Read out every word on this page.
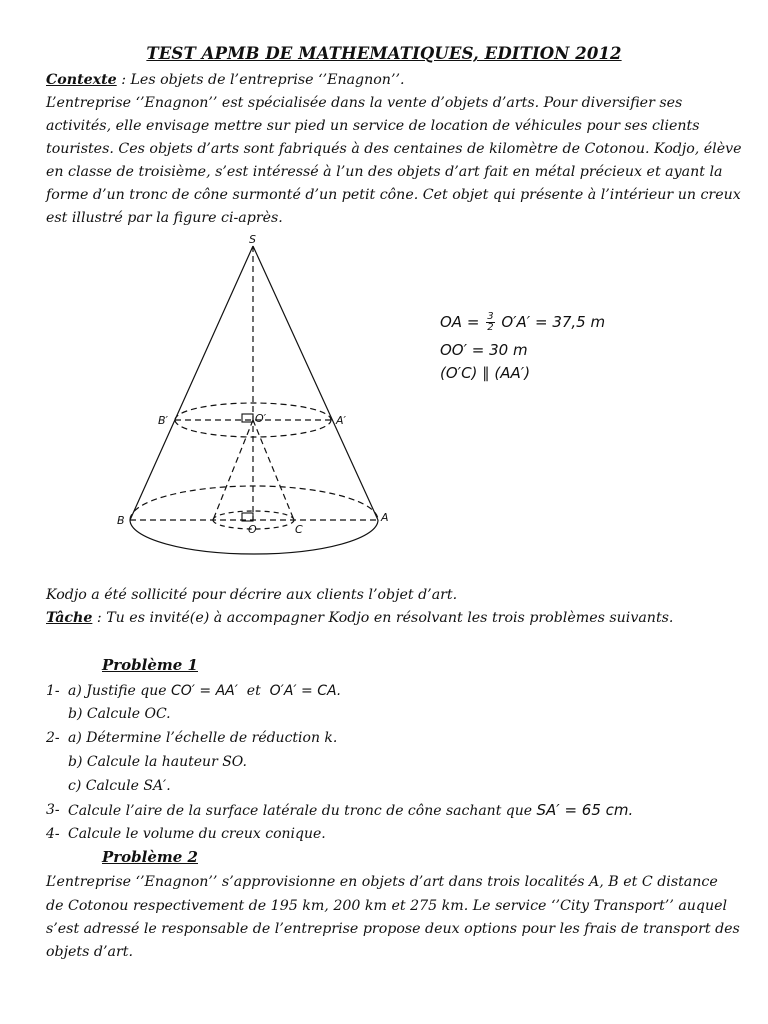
TEST APMB DE MATHEMATIQUES, EDITION 2012
Contexte : Les objets de l’entreprise ‘’Enagnon’’.
L’entreprise ‘’Enagnon’’ est spécialisée dans la vente d’objets d’arts. Pour diversifier ses
activités, elle envisage mettre sur pied un service de location de véhicules pour ses clients
touristes. Ces objets d’arts sont fabriqués à des centaines de kilomètre de Cotonou. Kodjo, élève
en classe de troisième, s’est intéressé à l’un des objets d’art fait en métal précieux et ayant la
forme d’un tronc de cône surmonté d’un petit cône. Cet objet qui présente à l’intérieur un creux
est illustré par la figure ci-après.
S
B′	O′	A′
B
O	C
A
OA = $\frac{3}{2} O'A' = 37,5$ m
OO′ = 30 m
(O′C) ∥ (AA′)
Kodjo a été sollicité pour décrire aux clients l’objet d’art.
Tâche : Tu es invité(e) à accompagner Kodjo en résolvant les trois problèmes suivants.
Problème 1
1- a) Justifie que CO′ = AA′  et  O′A′ = CA.
b) Calcule OC.
2- a) Détermine l’échelle de réduction k.
b) Calcule la hauteur SO.
c) Calcule SA′.
3- Calcule l’aire de la surface latérale du tronc de cône sachant que SA′ = 65 cm.
4- Calcule le volume du creux conique.
Problème 2
L’entreprise ‘’Enagnon’’ s’approvisionne en objets d’art dans trois localités A, B et C distance
de Cotonou respectivement de 195 km, 200 km et 275 km. Le service ‘’City Transport’’ auquel
s’est adressé le responsable de l’entreprise propose deux options pour les frais de transport des
objets d’art.
